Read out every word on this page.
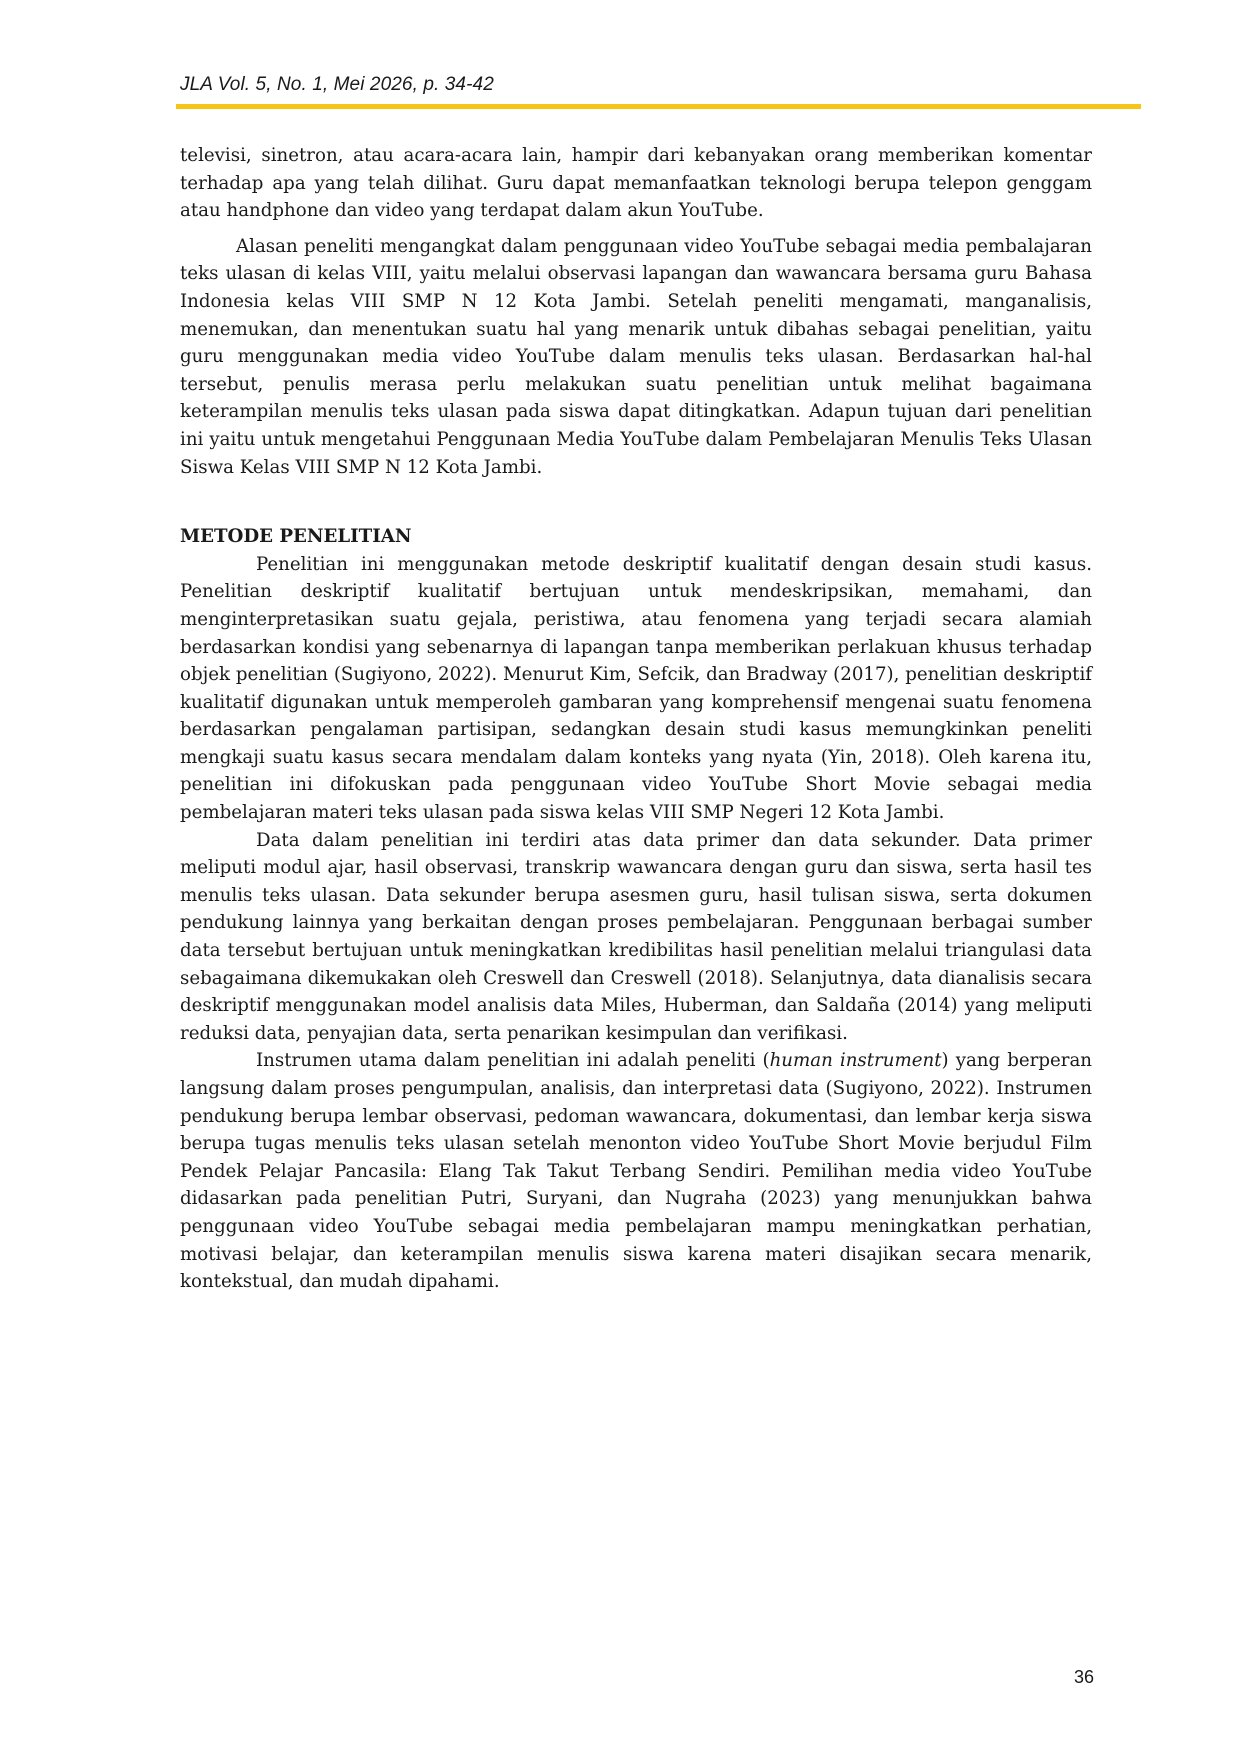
JLA Vol. 5, No. 1, Mei 2026, p. 34-42

televisi, sinetron, atau acara-acara lain, hampir dari kebanyakan orang memberikan komentar terhadap apa yang telah dilihat. Guru dapat memanfaatkan teknologi berupa telepon genggam atau handphone dan video yang terdapat dalam akun YouTube.

Alasan peneliti mengangkat dalam penggunaan video YouTube sebagai media pembalajaran teks ulasan di kelas VIII, yaitu melalui observasi lapangan dan wawancara bersama guru Bahasa Indonesia kelas VIII SMP N 12 Kota Jambi. Setelah peneliti mengamati, manganalisis, menemukan, dan menentukan suatu hal yang menarik untuk dibahas sebagai penelitian, yaitu guru menggunakan media video YouTube dalam menulis teks ulasan. Berdasarkan hal-hal tersebut, penulis merasa perlu melakukan suatu penelitian untuk melihat bagaimana keterampilan menulis teks ulasan pada siswa dapat ditingkatkan. Adapun tujuan dari penelitian ini yaitu untuk mengetahui Penggunaan Media YouTube dalam Pembelajaran Menulis Teks Ulasan Siswa Kelas VIII SMP N 12 Kota Jambi.

METODE PENELITIAN

Penelitian ini menggunakan metode deskriptif kualitatif dengan desain studi kasus. Penelitian deskriptif kualitatif bertujuan untuk mendeskripsikan, memahami, dan menginterpretasikan suatu gejala, peristiwa, atau fenomena yang terjadi secara alamiah berdasarkan kondisi yang sebenarnya di lapangan tanpa memberikan perlakuan khusus terhadap objek penelitian (Sugiyono, 2022). Menurut Kim, Sefcik, dan Bradway (2017), penelitian deskriptif kualitatif digunakan untuk memperoleh gambaran yang komprehensif mengenai suatu fenomena berdasarkan pengalaman partisipan, sedangkan desain studi kasus memungkinkan peneliti mengkaji suatu kasus secara mendalam dalam konteks yang nyata (Yin, 2018). Oleh karena itu, penelitian ini difokuskan pada penggunaan video YouTube Short Movie sebagai media pembelajaran materi teks ulasan pada siswa kelas VIII SMP Negeri 12 Kota Jambi.

Data dalam penelitian ini terdiri atas data primer dan data sekunder. Data primer meliputi modul ajar, hasil observasi, transkrip wawancara dengan guru dan siswa, serta hasil tes menulis teks ulasan. Data sekunder berupa asesmen guru, hasil tulisan siswa, serta dokumen pendukung lainnya yang berkaitan dengan proses pembelajaran. Penggunaan berbagai sumber data tersebut bertujuan untuk meningkatkan kredibilitas hasil penelitian melalui triangulasi data sebagaimana dikemukakan oleh Creswell dan Creswell (2018). Selanjutnya, data dianalisis secara deskriptif menggunakan model analisis data Miles, Huberman, dan Saldaña (2014) yang meliputi reduksi data, penyajian data, serta penarikan kesimpulan dan verifikasi.

Instrumen utama dalam penelitian ini adalah peneliti (human instrument) yang berperan langsung dalam proses pengumpulan, analisis, dan interpretasi data (Sugiyono, 2022). Instrumen pendukung berupa lembar observasi, pedoman wawancara, dokumentasi, dan lembar kerja siswa berupa tugas menulis teks ulasan setelah menonton video YouTube Short Movie berjudul Film Pendek Pelajar Pancasila: Elang Tak Takut Terbang Sendiri. Pemilihan media video YouTube didasarkan pada penelitian Putri, Suryani, dan Nugraha (2023) yang menunjukkan bahwa penggunaan video YouTube sebagai media pembelajaran mampu meningkatkan perhatian, motivasi belajar, dan keterampilan menulis siswa karena materi disajikan secara menarik, kontekstual, dan mudah dipahami.

36
